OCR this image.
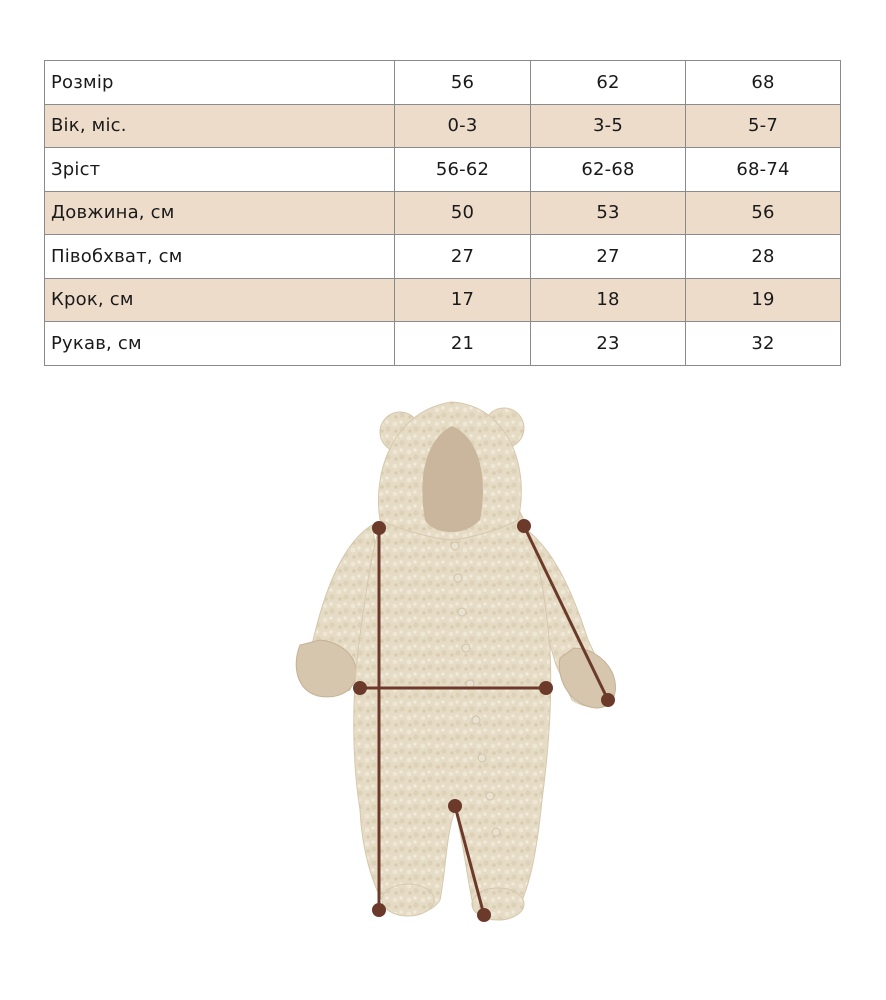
Розмір	56	62	68
Вік, міс.	0-3	3-5	5-7
Зріст	56-62	62-68	68-74
Довжина, см	50	53	56
Півобхват, см	27	27	28
Крок, см	17	18	19
Рукав, см	21	23	32
